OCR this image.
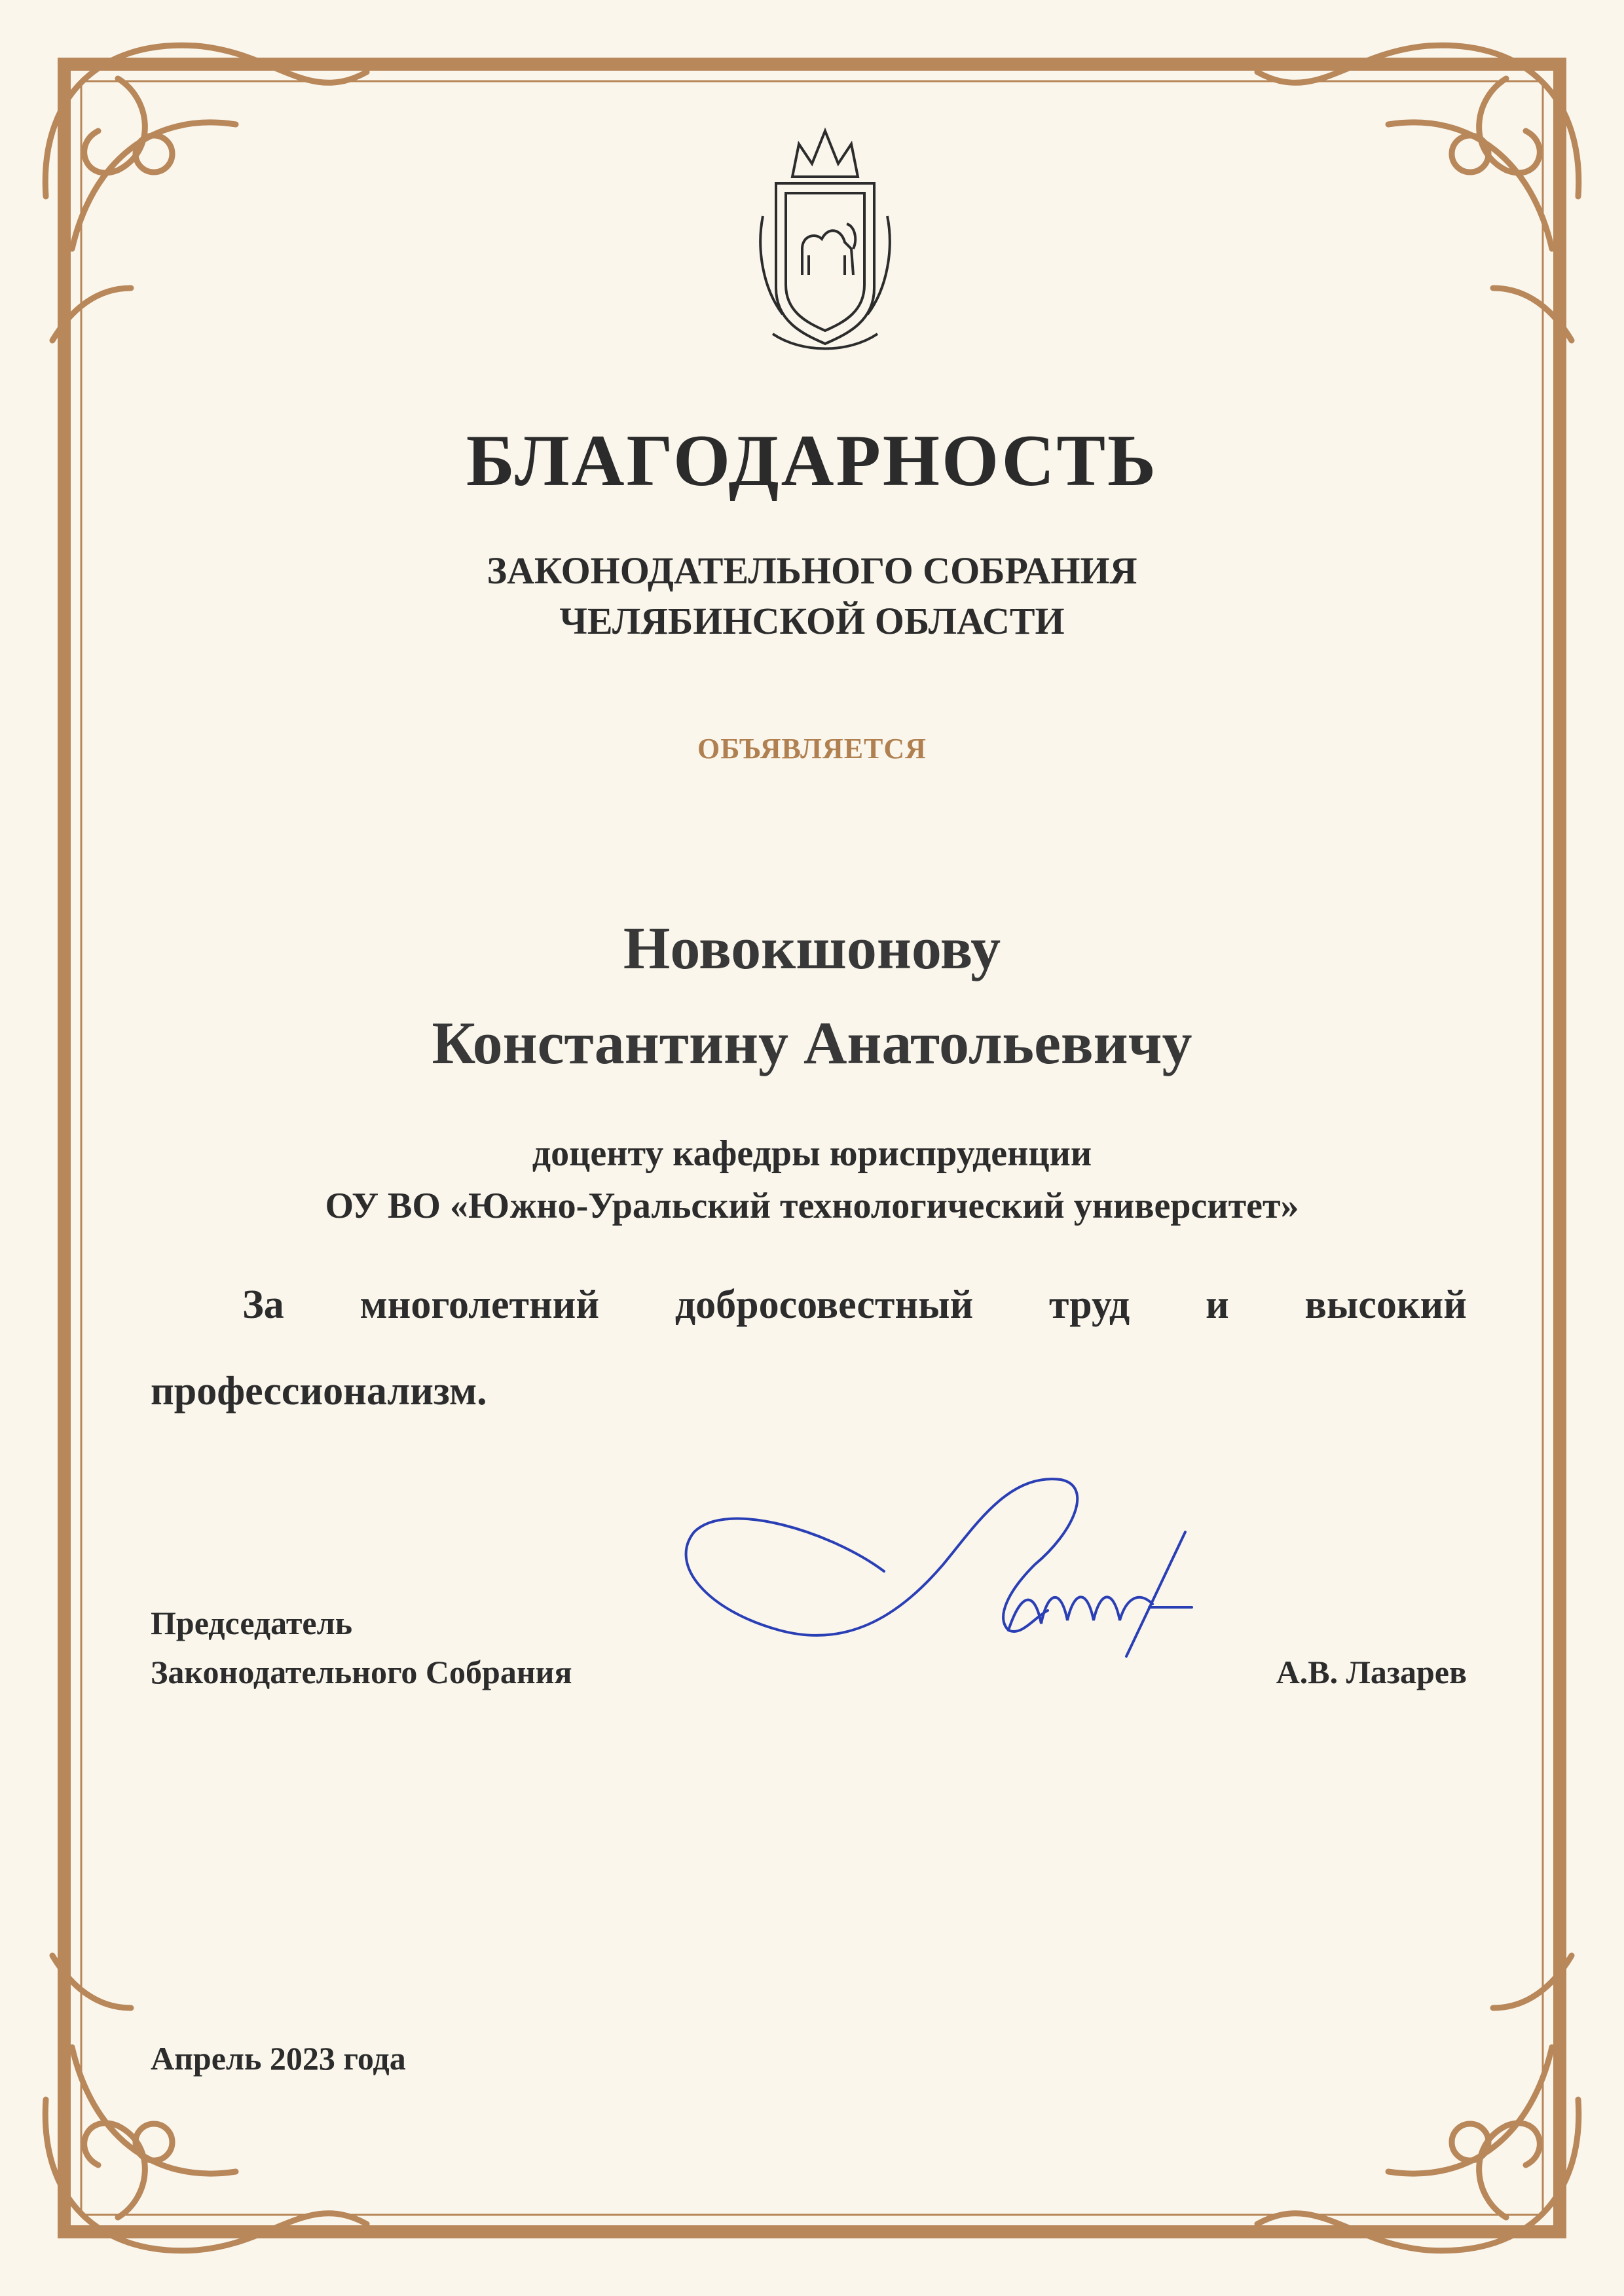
БЛАГОДАРНОСТЬ

ЗАКОНОДАТЕЛЬНОГО СОБРАНИЯ

ЧЕЛЯБИНСКОЙ ОБЛАСТИ

ОБЪЯВЛЯЕТСЯ

Новокшонову

Константину Анатольевичу

доценту кафедры юриспруденции

ОУ ВО «Южно-Уральский технологический университет»

За многолетний добросовестный труд и высокий

профессионализм.

Председатель

Законодательного Собрания	А.В. Лазарев

Апрель 2023 года
